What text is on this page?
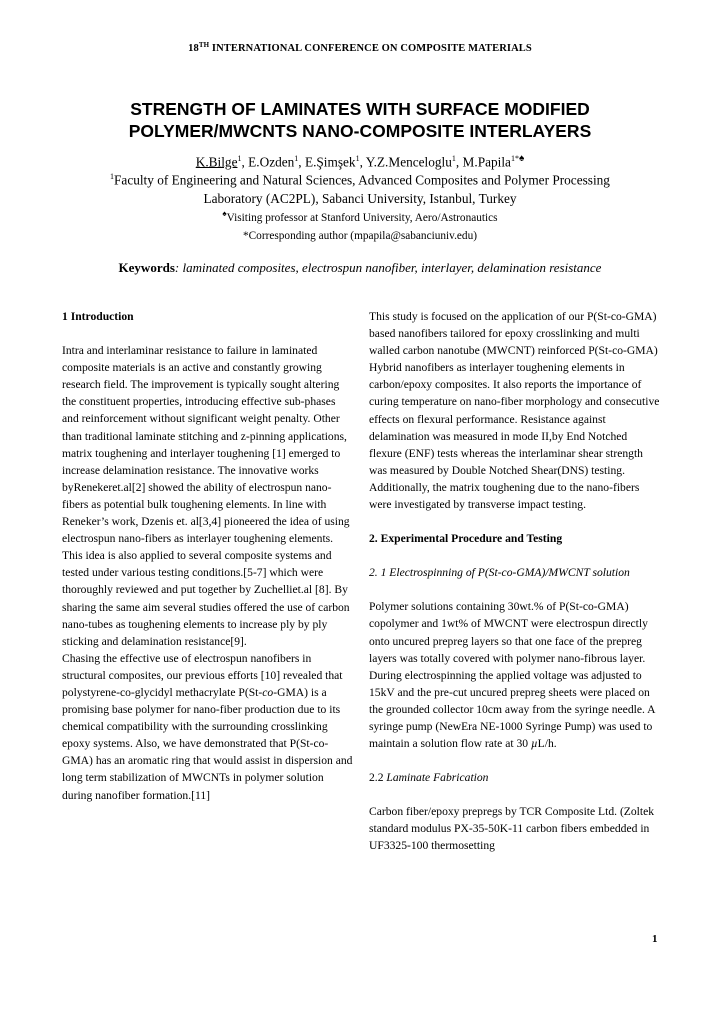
18TH INTERNATIONAL CONFERENCE ON COMPOSITE MATERIALS
STRENGTH OF LAMINATES WITH SURFACE MODIFIED
POLYMER/MWCNTS NANO-COMPOSITE INTERLAYERS
K.Bilge$^1$, E.Ozden$^1$, E.Şimşek$^1$, Y.Z.Menceloglu$^1$, M.Papila$^{1*♠}$
$^1$Faculty of Engineering and Natural Sciences, Advanced Composites and Polymer Processing
Laboratory (AC2PL), Sabanci University, Istanbul, Turkey
♠Visiting professor at Stanford University, Aero/Astronautics
*Corresponding author (mpapila@sabanciuniv.edu)
Keywords: laminated composites, electrospun nanofiber, interlayer, delamination resistance

1 Introduction

Intra and interlaminar resistance to failure in laminated composite materials is an active and constantly growing research field. The improvement is typically sought altering the constituent properties, introducing effective sub-phases and reinforcement without significant weight penalty. Other than traditional laminate stitching and z-pinning applications, matrix toughening and interlayer toughening [1] emerged to increase delamination resistance. The innovative works byRenekeret.al[2] showed the ability of electrospun nano-fibers as potential bulk toughening elements. In line with Reneker’s work, Dzenis et. al[3,4] pioneered the idea of using electrospun nano-fibers as interlayer toughening elements. This idea is also applied to several composite systems and tested under various testing conditions.[5-7] which were thoroughly reviewed and put together by Zuchelliet.al [8]. By sharing the same aim several studies offered the use of carbon nano-tubes as toughening elements to increase ply by ply sticking and delamination resistance[9].

Chasing the effective use of electrospun nanofibers in structural composites, our previous efforts [10] revealed that polystyrene-co-glycidyl methacrylate P(St-co-GMA) is a promising base polymer for nano-fiber production due to its chemical compatibility with the surrounding crosslinking epoxy systems. Also, we have demonstrated that P(St-co-GMA) has an aromatic ring that would assist in dispersion and long term stabilization of MWCNTs in polymer solution during nanofiber formation.[11]

This study is focused on the application of our P(St-co-GMA) based nanofibers tailored for epoxy crosslinking and multi walled carbon nanotube (MWCNT) reinforced P(St-co-GMA)

Hybrid nanofibers as interlayer toughening elements in carbon/epoxy composites. It also reports the importance of curing temperature on nano-fiber morphology and consecutive effects on flexural performance. Resistance against delamination was measured in mode II,by End Notched flexure (ENF) tests whereas the interlaminar shear strength was measured by Double Notched Shear(DNS) testing. Additionally, the matrix toughening due to the nano-fibers were investigated by transverse impact testing.

2. Experimental Procedure and Testing

2. 1 Electrospinning of P(St-co-GMA)/MWCNT solution

Polymer solutions containing 30wt.% of P(St-co-GMA) copolymer and 1wt% of MWCNT were electrospun directly onto uncured prepreg layers so that one face of the prepreg layers was totally covered with polymer nano-fibrous layer. During electrospinning the applied voltage was adjusted to 15kV and the pre-cut uncured prepreg sheets were placed on the grounded collector 10cm away from the syringe needle. A syringe pump (NewEra NE-1000 Syringe Pump) was used to maintain a solution flow rate at 30 µL/h.

2.2 Laminate Fabrication

Carbon fiber/epoxy prepregs by TCR Composite Ltd. (Zoltek standard modulus PX-35-50K-11 carbon fibers embedded in UF3325-100 thermosetting

1
